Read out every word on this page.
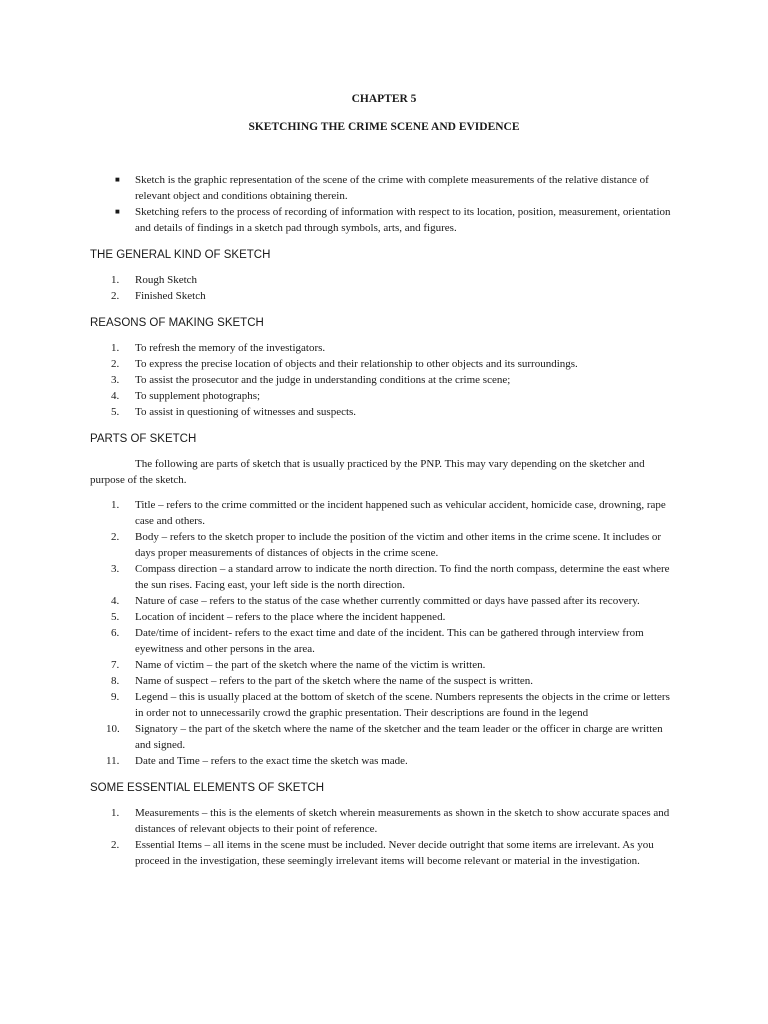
CHAPTER 5
SKETCHING THE CRIME SCENE AND EVIDENCE
■ Sketch is the graphic representation of the scene of the crime with complete measurements of the relative distance of relevant object and conditions obtaining therein.
■ Sketching refers to the process of recording of information with respect to its location, position, measurement, orientation and details of findings in a sketch pad through symbols, arts, and figures.
THE GENERAL KIND OF SKETCH
1. Rough Sketch
2. Finished Sketch
REASONS OF MAKING SKETCH
1. To refresh the memory of the investigators.
2. To express the precise location of objects and their relationship to other objects and its surroundings.
3. To assist the prosecutor and the judge in understanding conditions at the crime scene;
4. To supplement photographs;
5. To assist in questioning of witnesses and suspects.
PARTS OF SKETCH

The following are parts of sketch that is usually practiced by the PNP. This may vary depending on the sketcher and purpose of the sketch.

1. Title – refers to the crime committed or the incident happened such as vehicular accident, homicide case, drowning, rape case and others.
2. Body – refers to the sketch proper to include the position of the victim and other items in the crime scene. It includes or days proper measurements of distances of objects in the crime scene.
3. Compass direction – a standard arrow to indicate the north direction. To find the north compass, determine the east where the sun rises. Facing east, your left side is the north direction.
4. Nature of case – refers to the status of the case whether currently committed or days have passed after its recovery.
5. Location of incident – refers to the place where the incident happened.
6. Date/time of incident- refers to the exact time and date of the incident. This can be gathered through interview from eyewitness and other persons in the area.
7. Name of victim – the part of the sketch where the name of the victim is written.
8. Name of suspect – refers to the part of the sketch where the name of the suspect is written.
9. Legend – this is usually placed at the bottom of sketch of the scene. Numbers represents the objects in the crime or letters in order not to unnecessarily crowd the graphic presentation. Their descriptions are found in the legend
10. Signatory – the part of the sketch where the name of the sketcher and the team leader or the officer in charge are written and signed.
11. Date and Time – refers to the exact time the sketch was made.
SOME ESSENTIAL ELEMENTS OF SKETCH
1. Measurements – this is the elements of sketch wherein measurements as shown in the sketch to show accurate spaces and distances of relevant objects to their point of reference.
2. Essential Items – all items in the scene must be included. Never decide outright that some items are irrelevant. As you proceed in the investigation, these seemingly irrelevant items will become relevant or material in the investigation.
